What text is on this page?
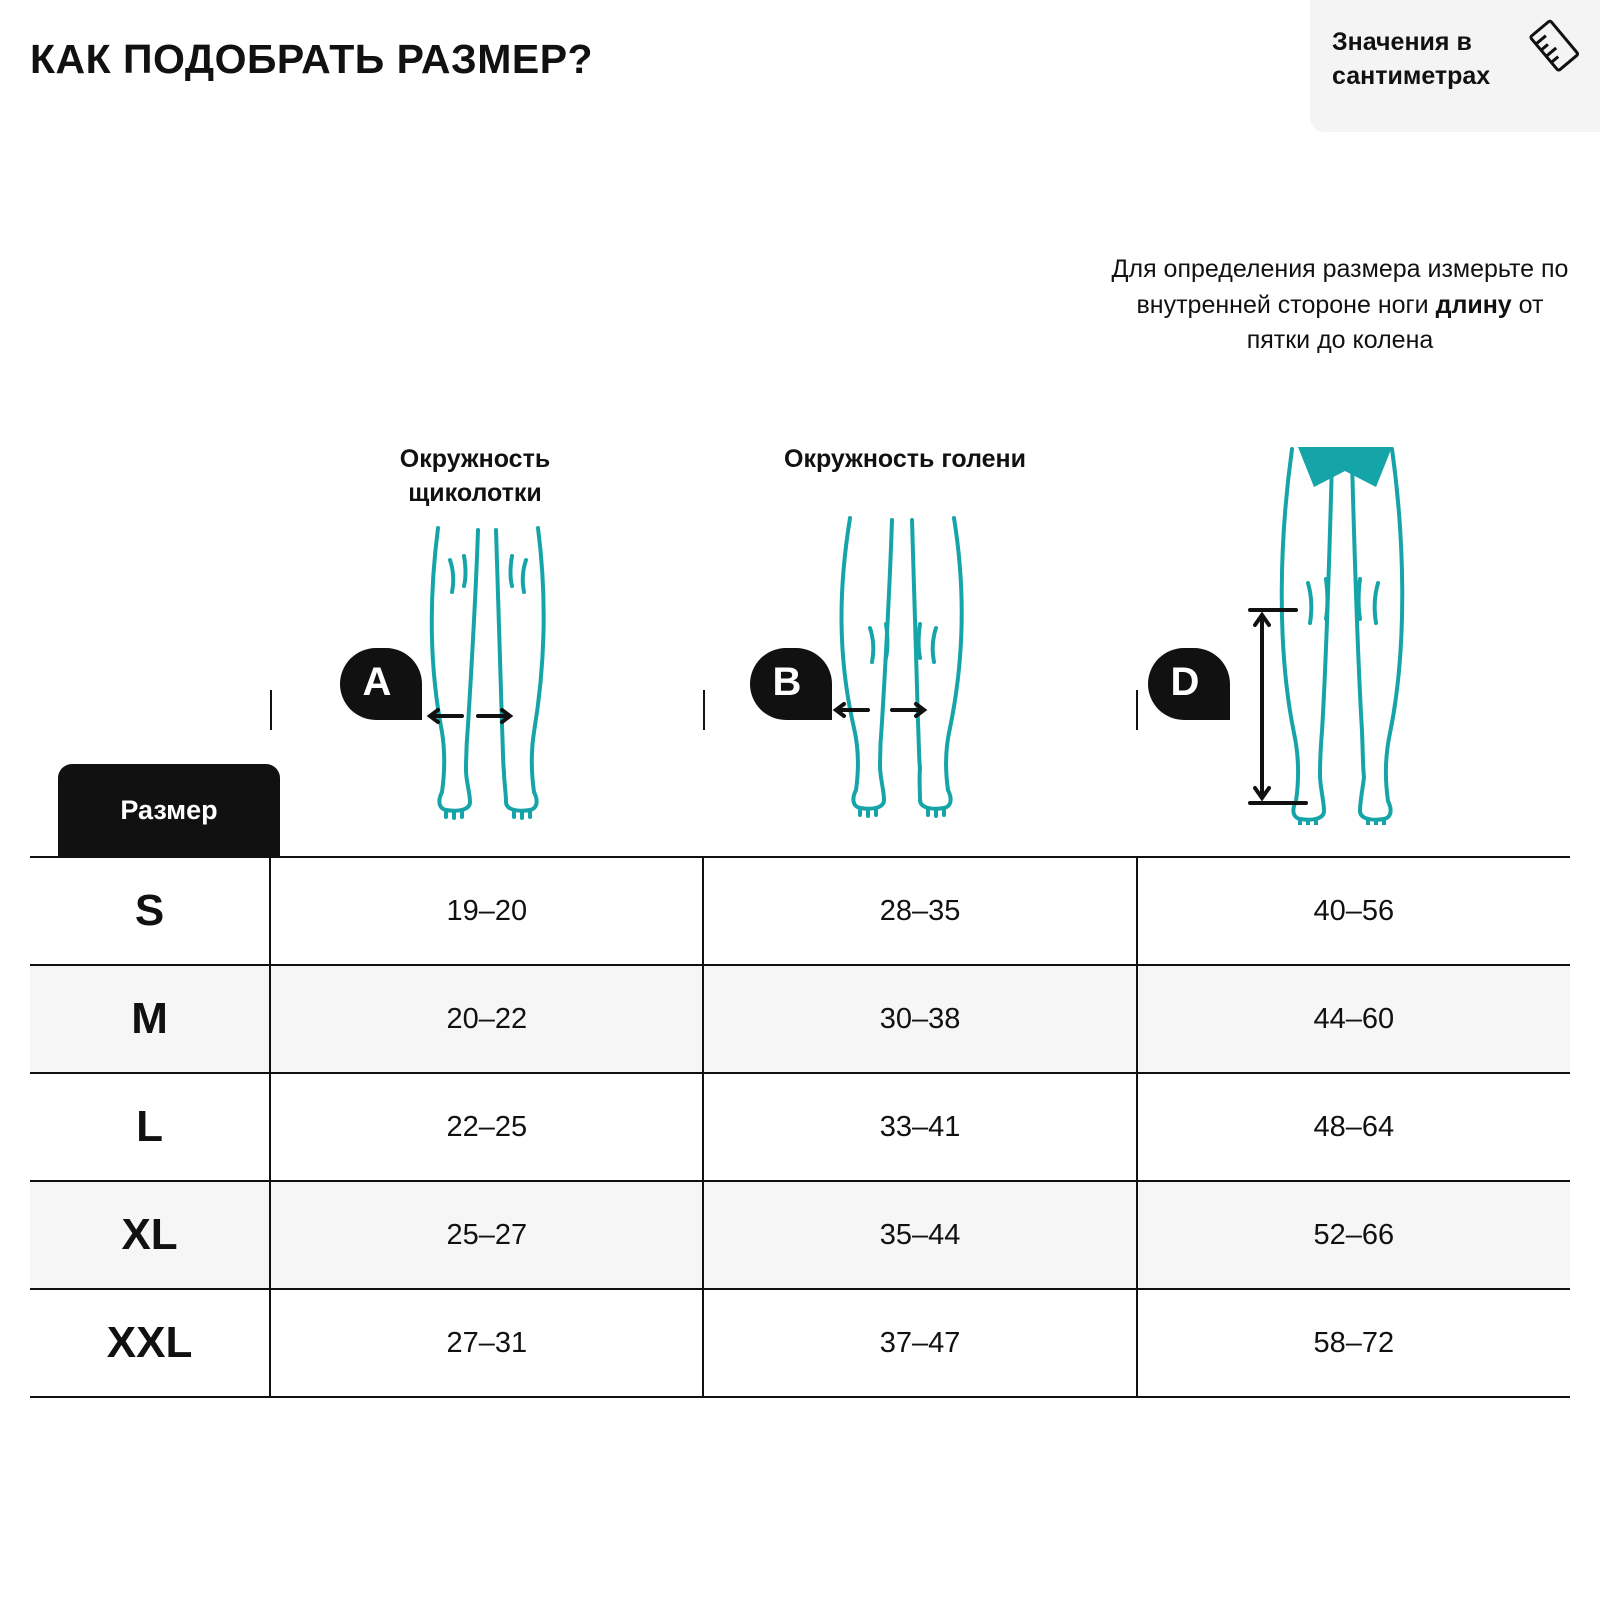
КАК ПОДОБРАТЬ РАЗМЕР?	Значения в сантиметрах
Для определения размера измерьте по внутренней стороне ноги длину от пятки до колена
Окружность щиколотки
Окружность голени
A	B	D
Размер			

S	19–20	28–35	40–56
M	20–22	30–38	44–60
L	22–25	33–41	48–64
XL	25–27	35–44	52–66
XXL	27–31	37–47	58–72
